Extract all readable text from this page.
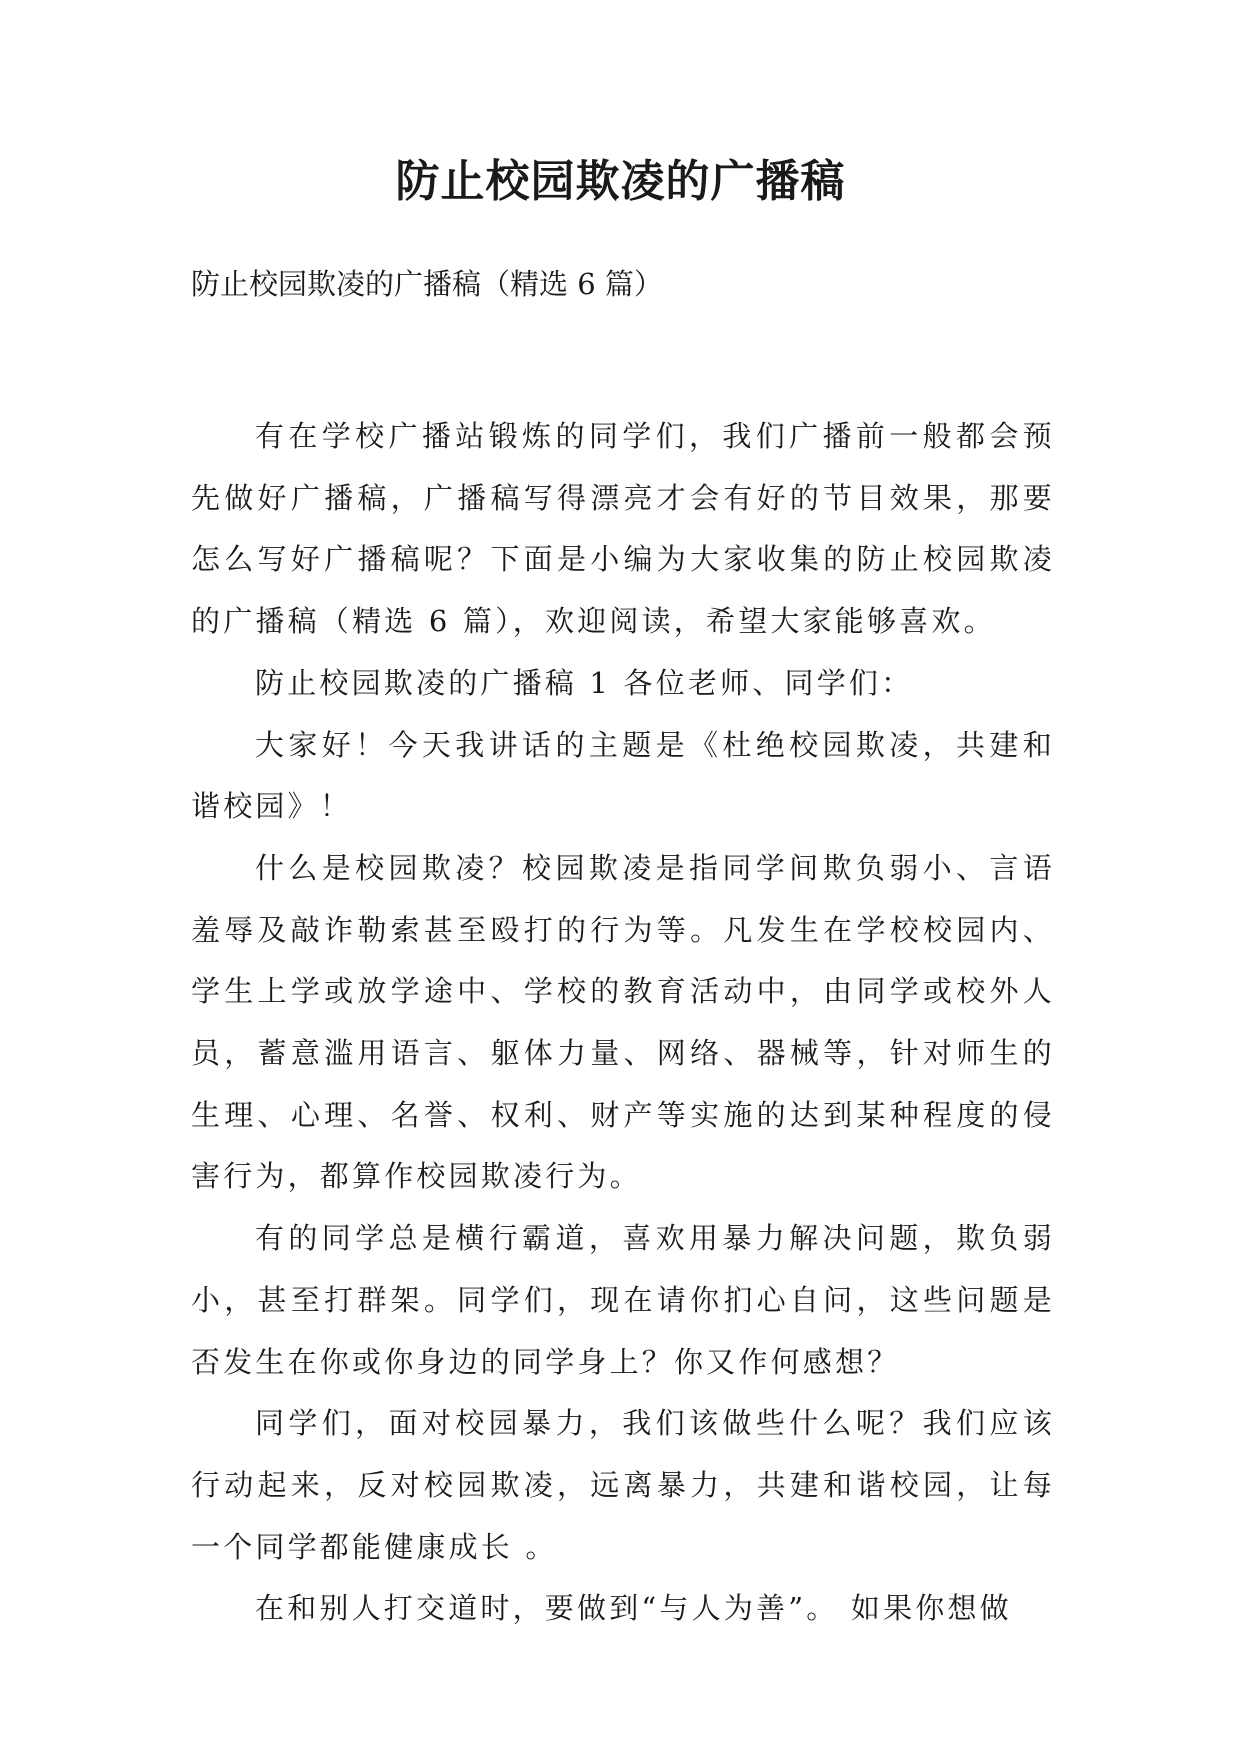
防止校园欺凌的广播稿

防止校园欺凌的广播稿（精选 6 篇）

有在学校广播站锻炼的同学们，我们广播前一般都会预先做好广播稿，广播稿写得漂亮才会有好的节目效果，那要怎么写好广播稿呢？下面是小编为大家收集的防止校园欺凌的广播稿（精选 6 篇），欢迎阅读，希望大家能够喜欢。

防止校园欺凌的广播稿 1 各位老师、同学们：

大家好！今天我讲话的主题是《杜绝校园欺凌，共建和谐校园》！

什么是校园欺凌？校园欺凌是指同学间欺负弱小、言语羞辱及敲诈勒索甚至殴打的行为等。凡发生在学校校园内、学生上学或放学途中、学校的教育活动中，由同学或校外人员，蓄意滥用语言、躯体力量、网络、器械等，针对师生的生理、心理、名誉、权利、财产等实施的达到某种程度的侵害行为，都算作校园欺凌行为。

有的同学总是横行霸道，喜欢用暴力解决问题，欺负弱小，甚至打群架。同学们，现在请你扪心自问，这些问题是否发生在你或你身边的同学身上？你又作何感想？

同学们，面对校园暴力，我们该做些什么呢？我们应该行动起来，反对校园欺凌，远离暴力，共建和谐校园，让每一个同学都能健康成长 。

在和别人打交道时，要做到“与人为善”。 如果你想做
